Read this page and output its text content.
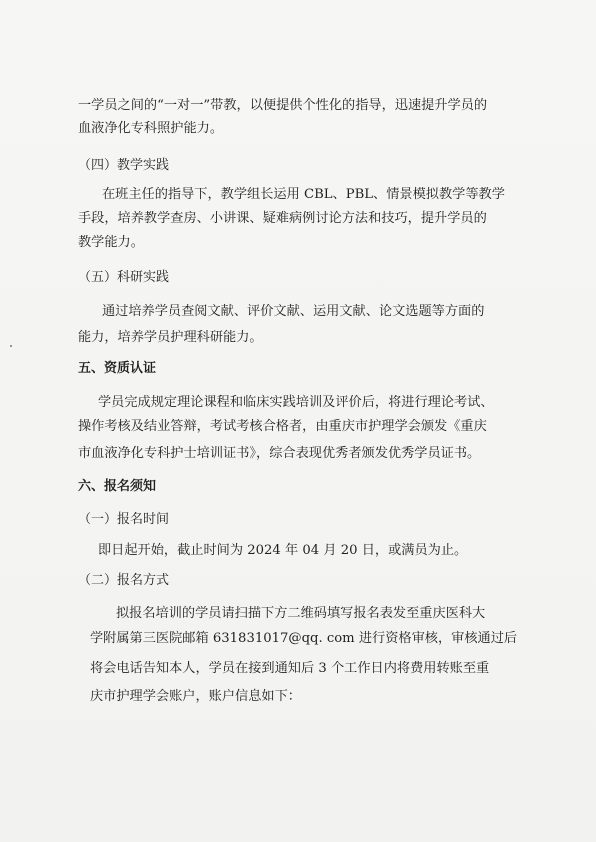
一学员之间的“一对一”带教，以便提供个性化的指导，迅速提升学员的
血液净化专科照护能力。
（四）教学实践
在班主任的指导下，教学组长运用 CBL、PBL、情景模拟教学等教学
手段，培养教学查房、小讲课、疑难病例讨论方法和技巧，提升学员的
教学能力。
（五）科研实践
通过培养学员查阅文献、评价文献、运用文献、论文选题等方面的
能力，培养学员护理科研能力。
五、资质认证
学员完成规定理论课程和临床实践培训及评价后，将进行理论考试、
操作考核及结业答辩，考试考核合格者，由重庆市护理学会颁发《重庆
市血液净化专科护士培训证书》，综合表现优秀者颁发优秀学员证书。
六、报名须知
（一）报名时间
即日起开始，截止时间为 2024 年 04 月 20 日，或满员为止。
（二）报名方式
拟报名培训的学员请扫描下方二维码填写报名表发至重庆医科大
学附属第三医院邮箱 631831017@qq. com 进行资格审核，审核通过后
将会电话告知本人，学员在接到通知后 3 个工作日内将费用转账至重
庆市护理学会账户，账户信息如下：
